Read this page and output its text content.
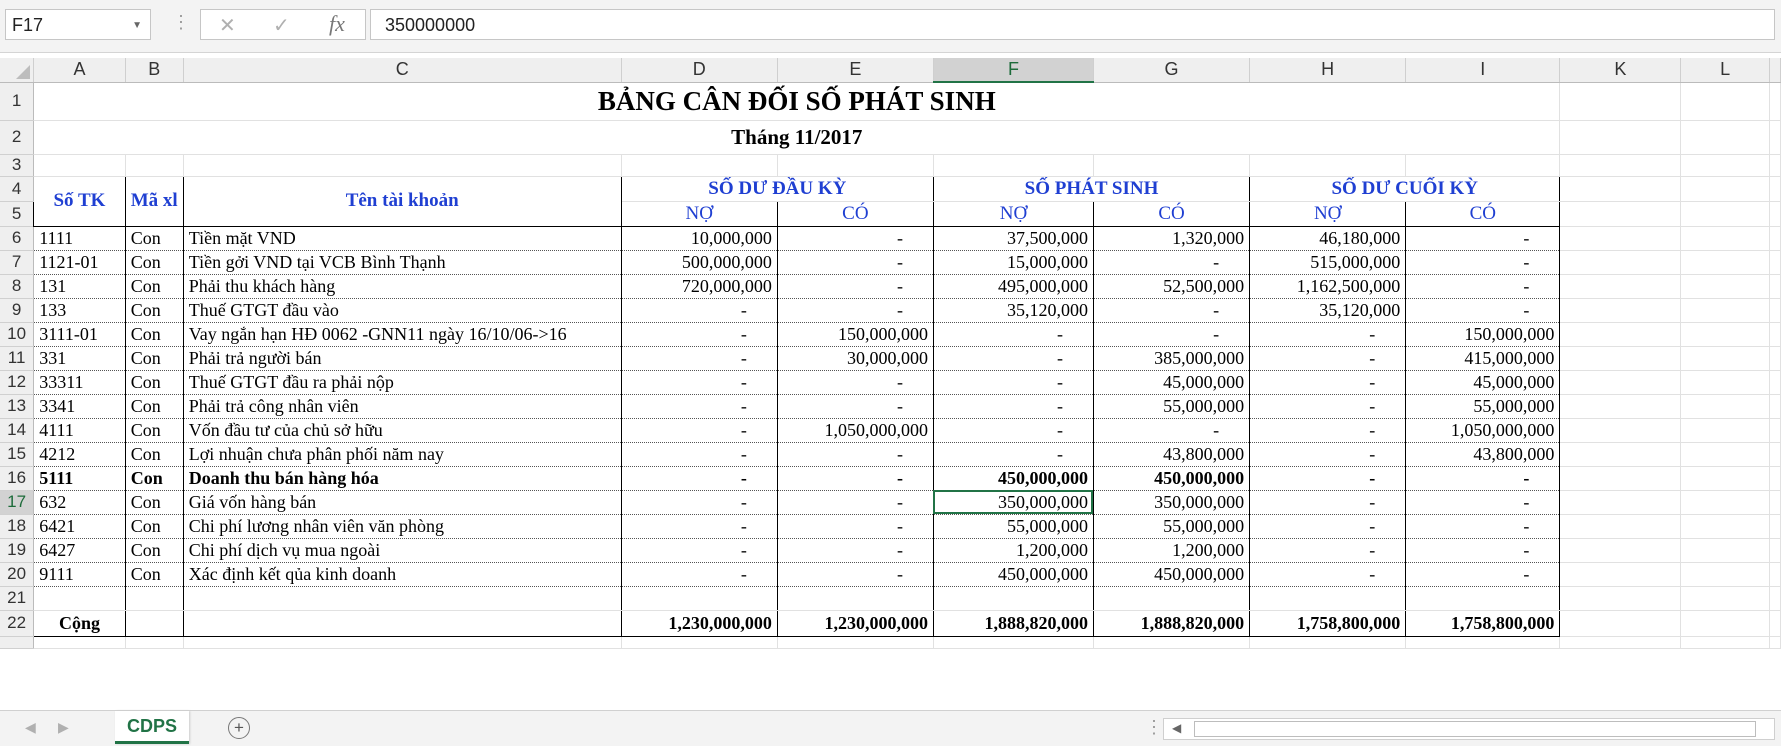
F17	▼ ⋮ ✕ ✓ fx	350000000
	A	B	C	D	E	F	G	H	I	K	L	
1	BẢNG CÂN ĐỐI SỐ PHÁT SINH											
2	Tháng 11/2017											
3												
4	Số TK	Mã xl	Tên tài khoản	SỐ DƯ ĐẦU KỲ		SỐ PHÁT SINH		SỐ DƯ CUỐI KỲ				
5				NỢ	CÓ	NỢ	CÓ	NỢ	CÓ			
6	1111	Con	Tiền mặt VND	10,000,000	-	37,500,000	1,320,000	46,180,000	-			
7	1121-01	Con	Tiền gởi VND tại VCB Bình Thạnh	500,000,000	-	15,000,000	-	515,000,000	-			
8	131	Con	Phải thu khách hàng	720,000,000	-	495,000,000	52,500,000	1,162,500,000	-			
9	133	Con	Thuế GTGT đầu vào	-	-	35,120,000	-	35,120,000	-			
10	3111-01	Con	Vay ngắn hạn HĐ 0062 -GNN11 ngày 16/10/06->16	-	150,000,000	-	-	-	150,000,000			
11	331	Con	Phải trả người bán	-	30,000,000	-	385,000,000	-	415,000,000			
12	33311	Con	Thuế GTGT đầu ra phải nộp	-	-	-	45,000,000	-	45,000,000			
13	3341	Con	Phải trả công nhân viên	-	-	-	55,000,000	-	55,000,000			
14	4111	Con	Vốn đầu tư của chủ sở hữu	-	1,050,000,000	-	-	-	1,050,000,000			
15	4212	Con	Lợi nhuận chưa phân phối năm nay	-	-	-	43,800,000	-	43,800,000			
16	5111	Con	Doanh thu bán hàng hóa	-	-	450,000,000	450,000,000	-	-			
17	632	Con	Giá vốn hàng bán	-	-	350,000,000	350,000,000	-	-			
18	6421	Con	Chi phí lương nhân viên văn phòng	-	-	55,000,000	55,000,000	-	-			
19	6427	Con	Chi phí dịch vụ mua ngoài	-	-	1,200,000	1,200,000	-	-			
20	9111	Con	Xác định kết qủa kinh doanh	-	-	450,000,000	450,000,000	-	-			
21												
22	Cộng			1,230,000,000	1,230,000,000	1,888,820,000	1,888,820,000	1,758,800,000	1,758,800,000			

◀ ▶	CDPS	+	⋮ ◀
